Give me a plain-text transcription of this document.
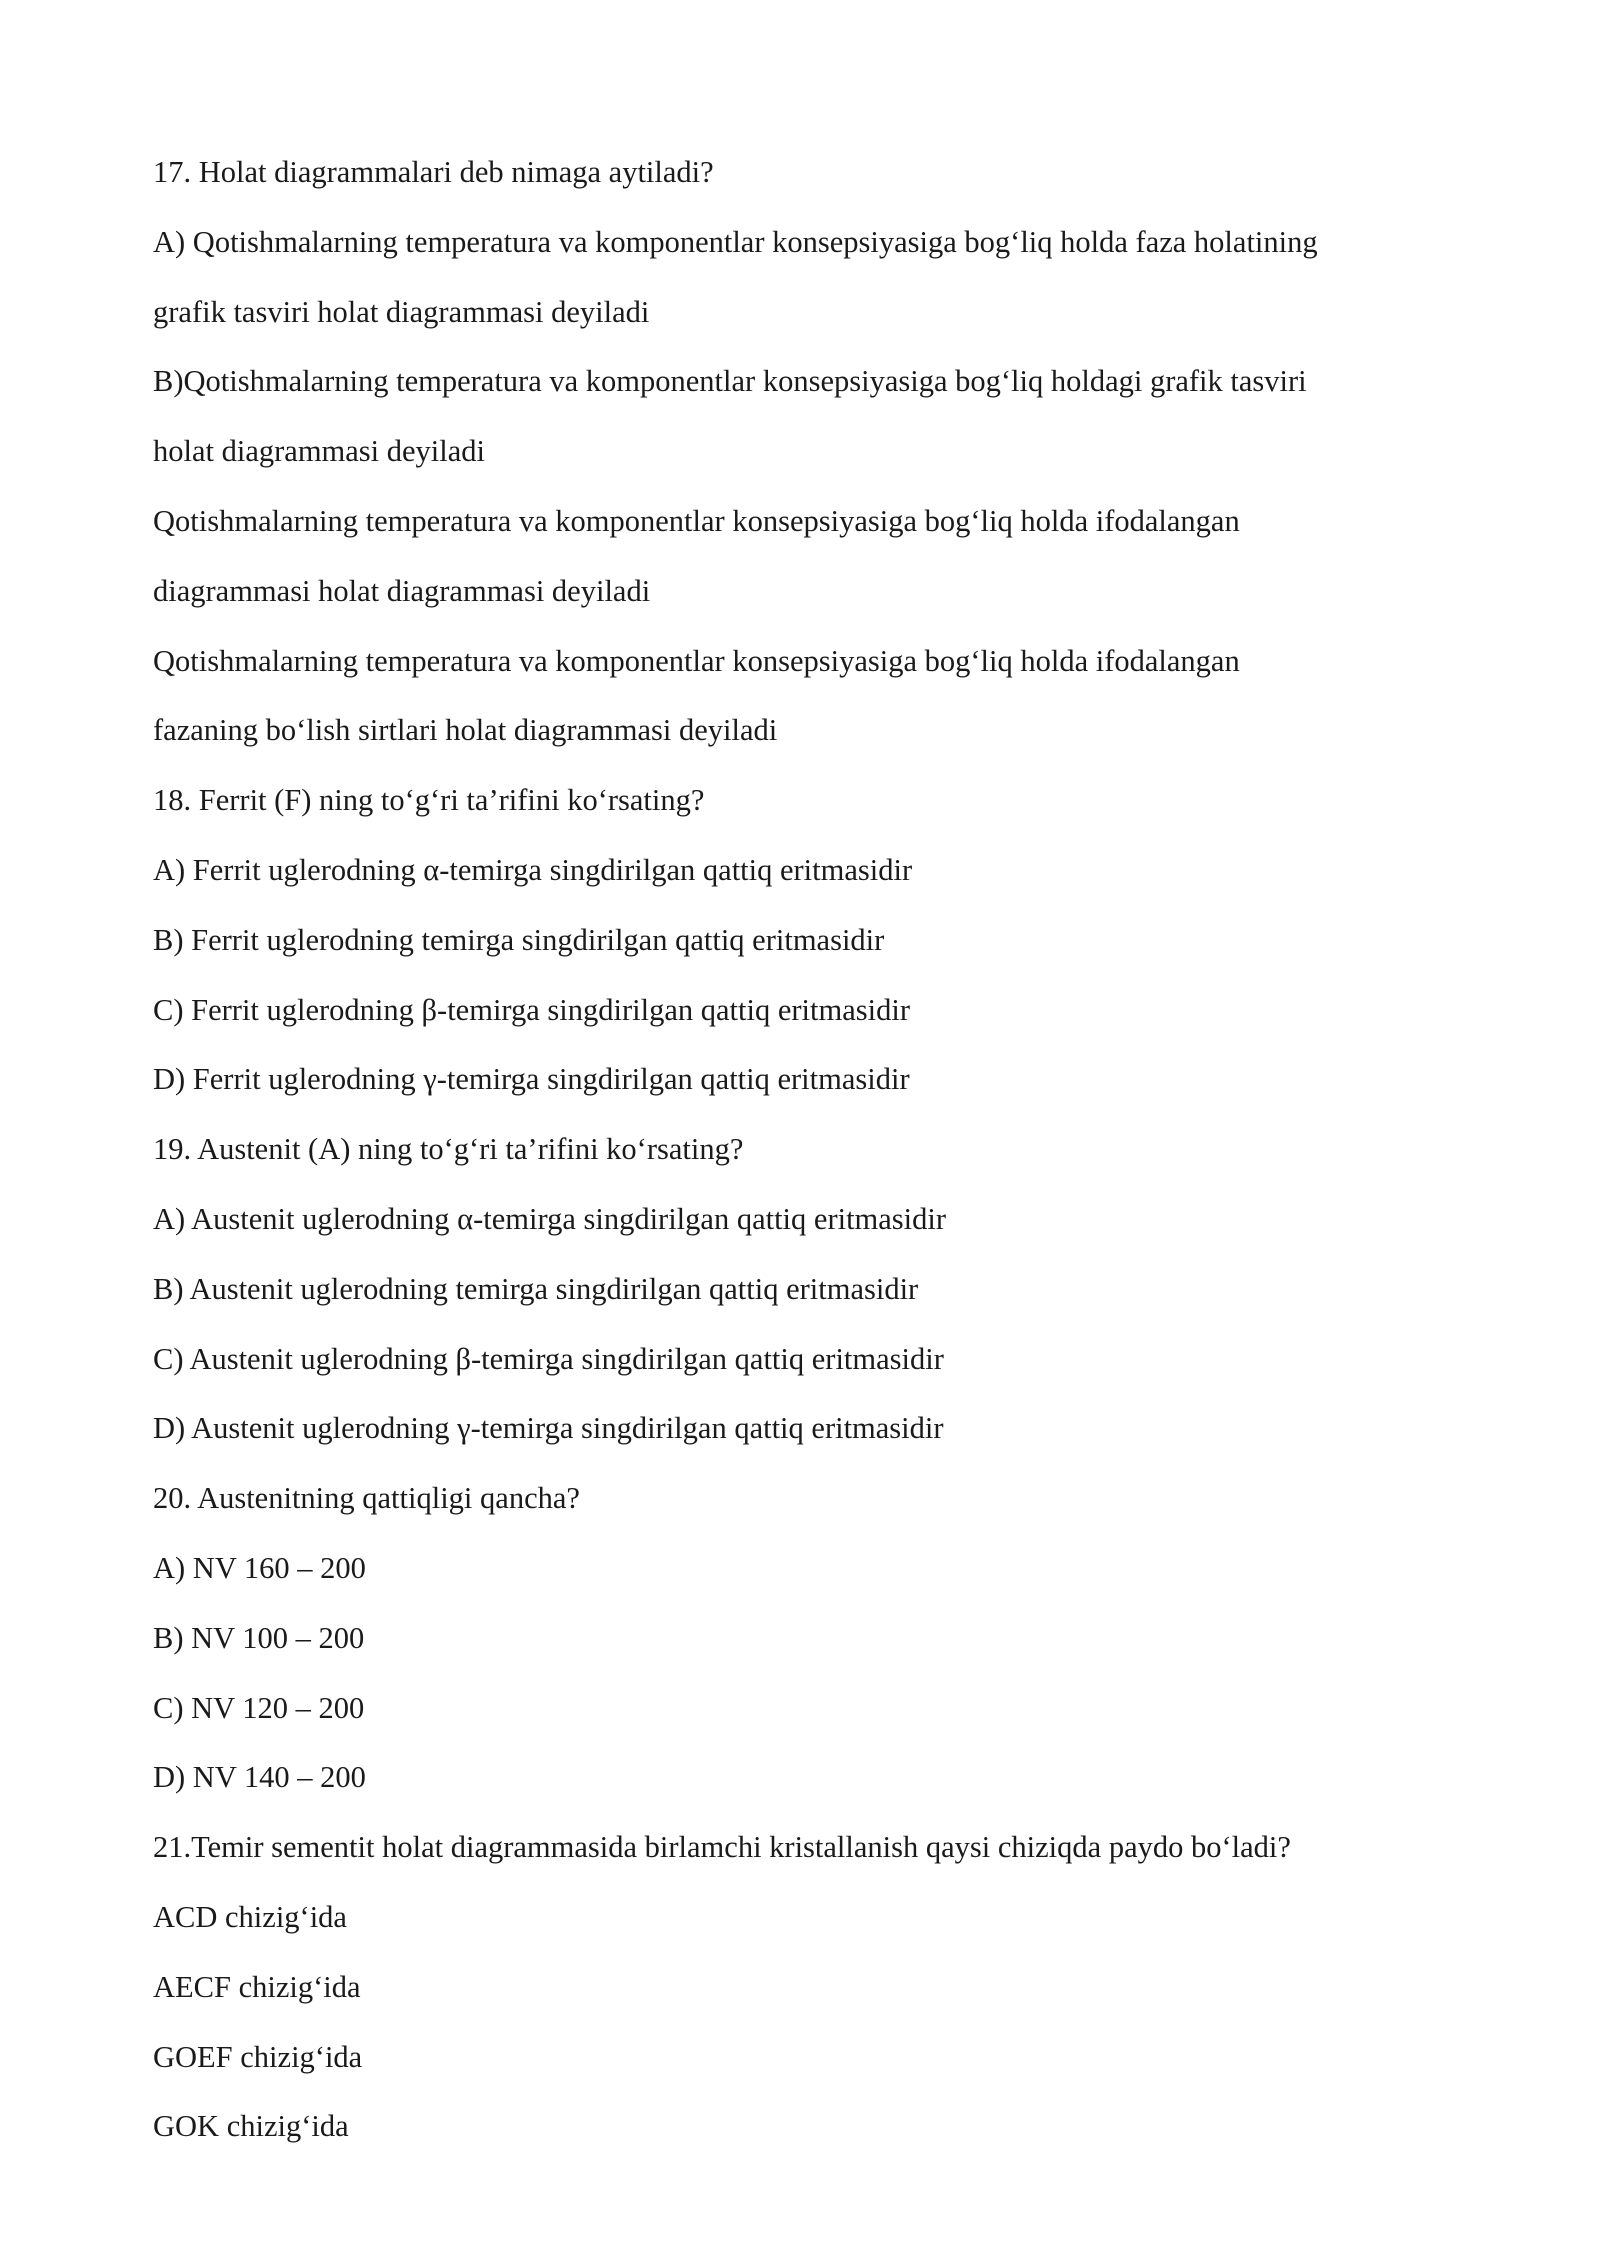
17. Holat diagrammalari deb nimaga aytiladi?
A) Qotishmalarning temperatura va komponentlar konsepsiyasiga bog‘liq holda faza holatining
grafik tasviri holat diagrammasi deyiladi
B)Qotishmalarning temperatura va komponentlar konsepsiyasiga bog‘liq holdagi grafik tasviri
holat diagrammasi deyiladi
Qotishmalarning temperatura va komponentlar konsepsiyasiga bog‘liq holda ifodalangan
diagrammasi holat diagrammasi deyiladi
Qotishmalarning temperatura va komponentlar konsepsiyasiga bog‘liq holda ifodalangan
fazaning bo‘lish sirtlari holat diagrammasi deyiladi
18. Ferrit (F) ning to‘g‘ri ta’rifini ko‘rsating?
A) Ferrit uglerodning α-temirga singdirilgan qattiq eritmasidir
B) Ferrit uglerodning temirga singdirilgan qattiq eritmasidir
C) Ferrit uglerodning β-temirga singdirilgan qattiq eritmasidir
D) Ferrit uglerodning γ-temirga singdirilgan qattiq eritmasidir
19. Austenit (A) ning to‘g‘ri ta’rifini ko‘rsating?
A) Austenit uglerodning α-temirga singdirilgan qattiq eritmasidir
B) Austenit uglerodning temirga singdirilgan qattiq eritmasidir
C) Austenit uglerodning β-temirga singdirilgan qattiq eritmasidir
D) Austenit uglerodning γ-temirga singdirilgan qattiq eritmasidir
20. Austenitning qattiqligi qancha?
A) NV 160 – 200
B) NV 100 – 200
C) NV 120 – 200
D) NV 140 – 200
21.Temir sementit holat diagrammasida birlamchi kristallanish qaysi chiziqda paydo bo‘ladi?
ACD chizig‘ida
AECF chizig‘ida
GOEF chizig‘ida
GOK chizig‘ida
